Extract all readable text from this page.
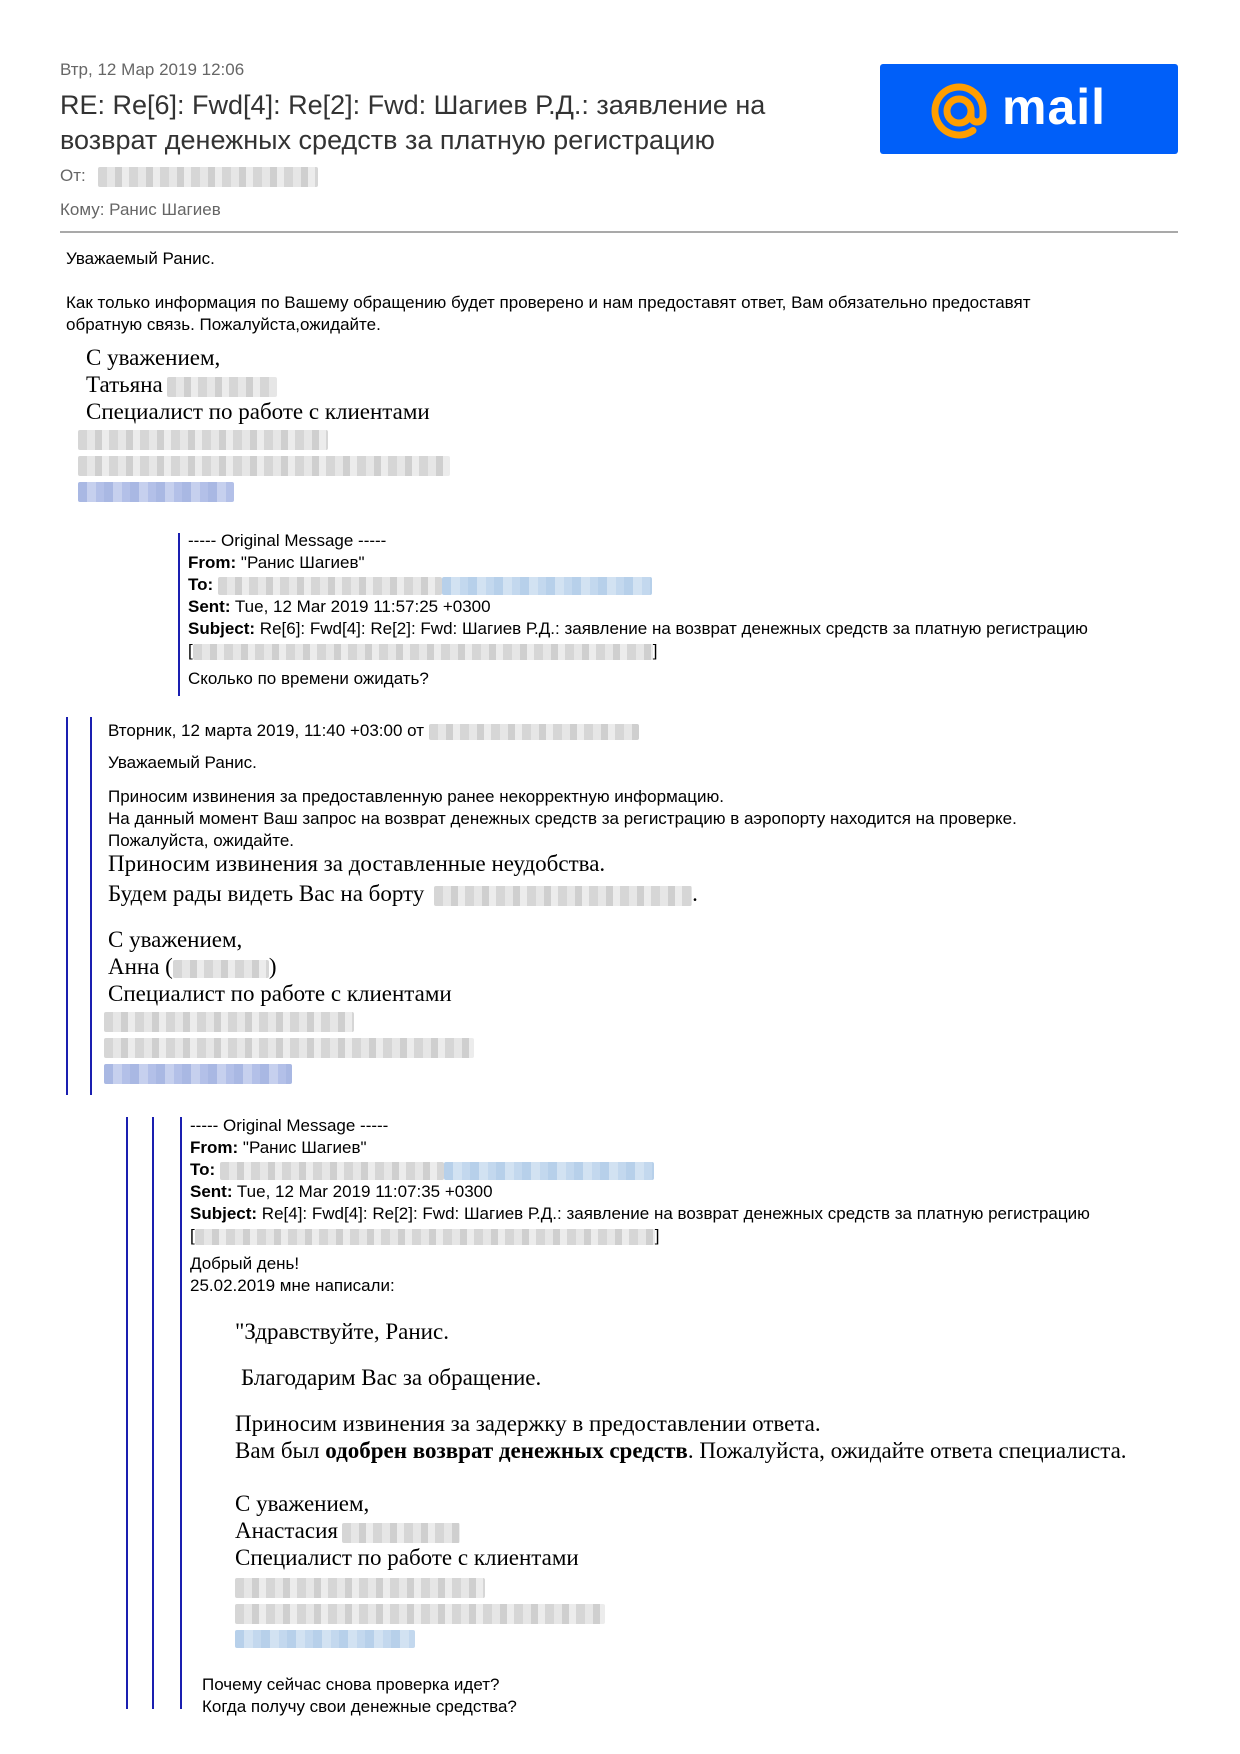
Втр, 12 Мар 2019 12:06
RE: Re[6]: Fwd[4]: Re[2]: Fwd: Шагиев Р.Д.: заявление на
возврат денежных средств за платную регистрацию
От:
Кому: Ранис Шагиев
mail
Уважаемый Ранис.
Как только информация по Вашему обращению будет проверено и нам предоставят ответ, Вам обязательно предоставят
обратную связь. Пожалуйста,ожидайте.
С уважением,
Татьяна
Специалист по работе с клиентами
----- Original Message -----
From: "Ранис Шагиев"
To:
Sent: Tue, 12 Mar 2019 11:57:25 +0300
Subject: Re[6]: Fwd[4]: Re[2]: Fwd: Шагиев Р.Д.: заявление на возврат денежных средств за платную регистрацию
[	]
Сколько по времени ожидать?
Вторник, 12 марта 2019, 11:40 +03:00 от
Уважаемый Ранис.
Приносим извинения за предоставленную ранее некорректную информацию.
На данный момент Ваш запрос на возврат денежных средств за регистрацию в аэропорту находится на проверке.
Пожалуйста, ожидайте.
Приносим извинения за доставленные неудобства.
Будем рады видеть Вас на борту	.
С уважением,
Анна (	)
Специалист по работе с клиентами
----- Original Message -----
From: "Ранис Шагиев"
To:
Sent: Tue, 12 Mar 2019 11:07:35 +0300
Subject: Re[4]: Fwd[4]: Re[2]: Fwd: Шагиев Р.Д.: заявление на возврат денежных средств за платную регистрацию
[	]
Добрый день!
25.02.2019 мне написали:
"Здравствуйте, Ранис.
Благодарим Вас за обращение.
Приносим извинения за задержку в предоставлении ответа.
Вам был одобрен возврат денежных средств. Пожалуйста, ожидайте ответа специалиста.
С уважением,
Анастасия
Специалист по работе с клиентами
Почему сейчас снова проверка идет?
Когда получу свои денежные средства?
